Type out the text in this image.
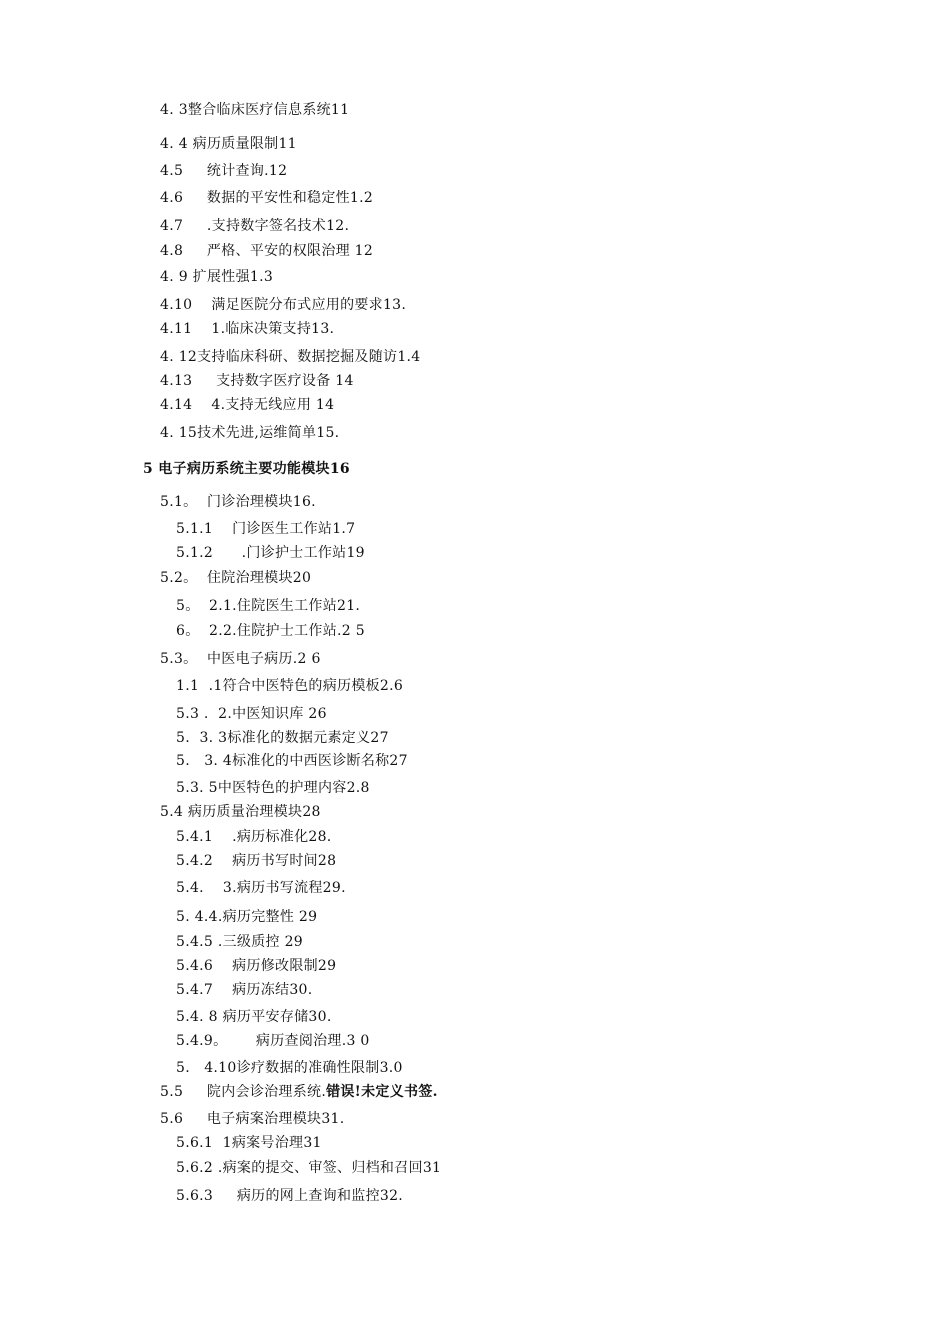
4. 3整合临床医疗信息系统11
4. 4 病历质量限制11
4.5     统计查询.12
4.6     数据的平安性和稳定性1.2
4.7     .支持数字签名技术12.
4.8     严格、平安的权限治理 12
4. 9 扩展性强1.3
4.10    满足医院分布式应用的要求13.
4.11    1.临床决策支持13.
4. 12支持临床科研、数据挖掘及随访1.4
4.13     支持数字医疗设备 14
4.14    4.支持无线应用 14
4. 15技术先进,运维简单15.
5 电子病历系统主要功能模块16
5.1。  门诊治理模块16.
5.1.1    门诊医生工作站1.7
5.1.2      .门诊护士工作站19
5.2。  住院治理模块20
5。  2.1.住院医生工作站21.
6。  2.2.住院护士工作站.2 5
5.3。  中医电子病历.2 6
1.1  .1符合中医特色的病历模板2.6
5.3 .  2.中医知识库 26
5.  3. 3标准化的数据元素定义27
5.   3. 4标准化的中西医诊断名称27
5.3. 5中医特色的护理内容2.8
5.4 病历质量治理模块28
5.4.1    .病历标准化28.
5.4.2    病历书写时间28
5.4.    3.病历书写流程29.
5. 4.4.病历完整性 29
5.4.5 .三级质控 29
5.4.6    病历修改限制29
5.4.7    病历冻结30.
5.4. 8 病历平安存储30.
5.4.9。      病历查阅治理.3 0
5.   4.10诊疗数据的准确性限制3.0
5.5     院内会诊治理系统.错误!未定义书签.
5.6     电子病案治理模块31.
5.6.1  1病案号治理31
5.6.2 .病案的提交、审签、归档和召回31
5.6.3     病历的网上查询和监控32.
